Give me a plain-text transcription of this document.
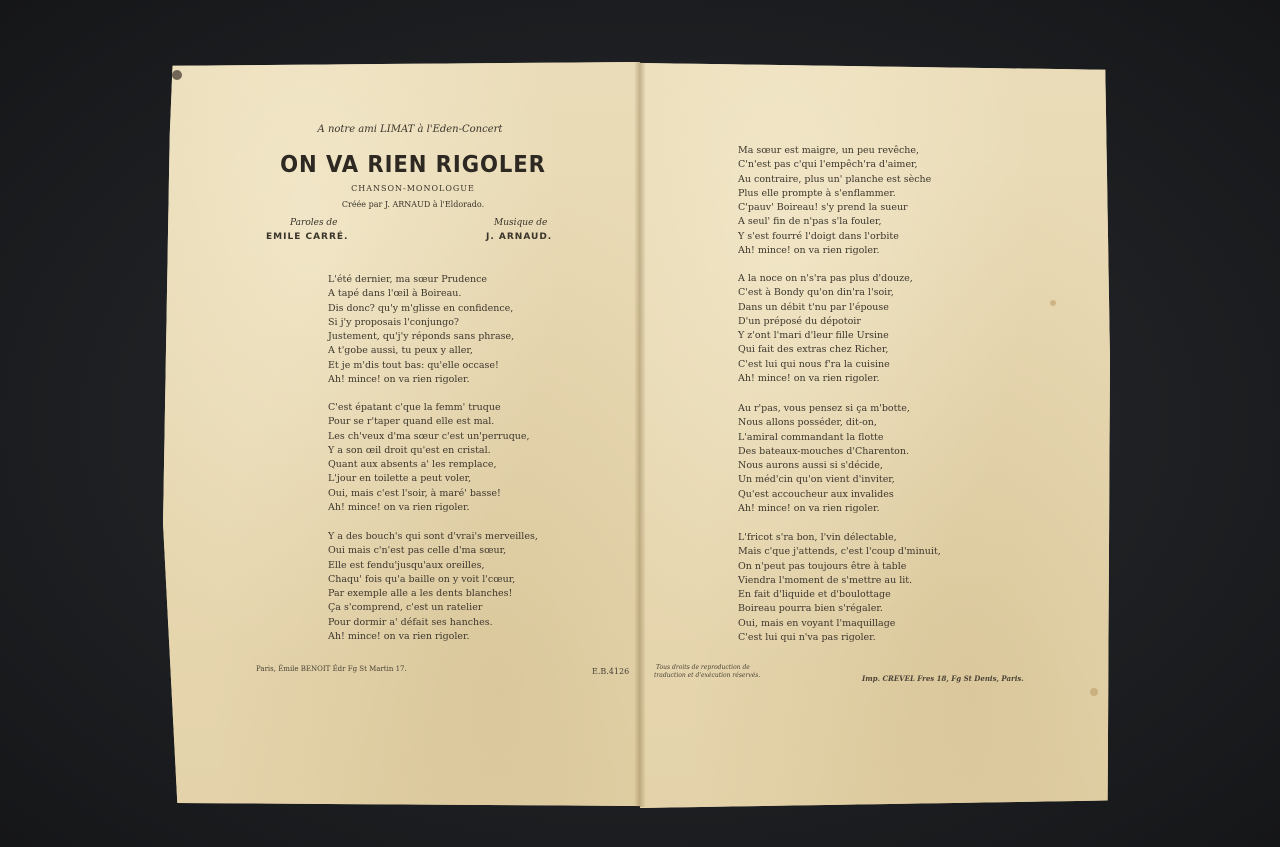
A notre ami LIMAT à l'Eden-Concert
ON VA RIEN RIGOLER
CHANSON-MONOLOGUE
Créée par J. ARNAUD à l'Eldorado.
Paroles de
EMILE CARRÉ.
Musique de
J. ARNAUD.
L'été dernier, ma sœur Prudence
A tapé dans l'œil à Boireau.
Dis donc? qu'y m'glisse en confidence,
Si j'y proposais l'conjungo?
Justement, qu'j'y réponds sans phrase,
A t'gobe aussi, tu peux y aller,
Et je m'dis tout bas: qu'elle occase!
Ah! mince! on va rien rigoler.
C'est épatant c'que la femm' truque
Pour se r'taper quand elle est mal.
Les ch'veux d'ma sœur c'est un'perruque,
Y a son œil droit qu'est en cristal.
Quant aux absents a' les remplace,
L'jour en toilette a peut voler,
Oui, mais c'est l'soir, à maré' basse!
Ah! mince! on va rien rigoler.
Y a des bouch's qui sont d'vrai's merveilles,
Oui mais c'n'est pas celle d'ma sœur,
Elle est fendu'jusqu'aux oreilles,
Chaqu' fois qu'a baille on y voit l'cœur,
Par exemple alle a les dents blanches!
Ça s'comprend, c'est un ratelier
Pour dormir a' défait ses hanches.
Ah! mince! on va rien rigoler.
Paris, Émile BENOIT Édr Fg St Martin 17.	E.B.4126
Ma sœur est maigre, un peu revêche,
C'n'est pas c'qui l'empêch'ra d'aimer,
Au contraire, plus un' planche est sèche
Plus elle prompte à s'enflammer.
C'pauv' Boireau! s'y prend la sueur
A seul' fin de n'pas s'la fouler,
Y s'est fourré l'doigt dans l'orbite
Ah! mince! on va rien rigoler.
A la noce on n's'ra pas plus d'douze,
C'est à Bondy qu'on din'ra l'soir,
Dans un débit t'nu par l'épouse
D'un préposé du dépotoir
Y z'ont l'mari d'leur fille Ursine
Qui fait des extras chez Richer,
C'est lui qui nous f'ra la cuisine
Ah! mince! on va rien rigoler.
Au r'pas, vous pensez si ça m'botte,
Nous allons posséder, dit-on,
L'amiral commandant la flotte
Des bateaux-mouches d'Charenton.
Nous aurons aussi si s'décide,
Un méd'cin qu'on vient d'inviter,
Qu'est accoucheur aux invalides
Ah! mince! on va rien rigoler.
L'fricot s'ra bon, l'vin délectable,
Mais c'que j'attends, c'est l'coup d'minuit,
On n'peut pas toujours être à table
Viendra l'moment de s'mettre au lit.
En fait d'liquide et d'boulottage
Boireau pourra bien s'régaler.
Oui, mais en voyant l'maquillage
C'est lui qui n'va pas rigoler.
Tous droits de reproduction de
traduction et d'exécution réservés.	Imp. CREVEL Fres 18, Fg St Denis, Paris.
